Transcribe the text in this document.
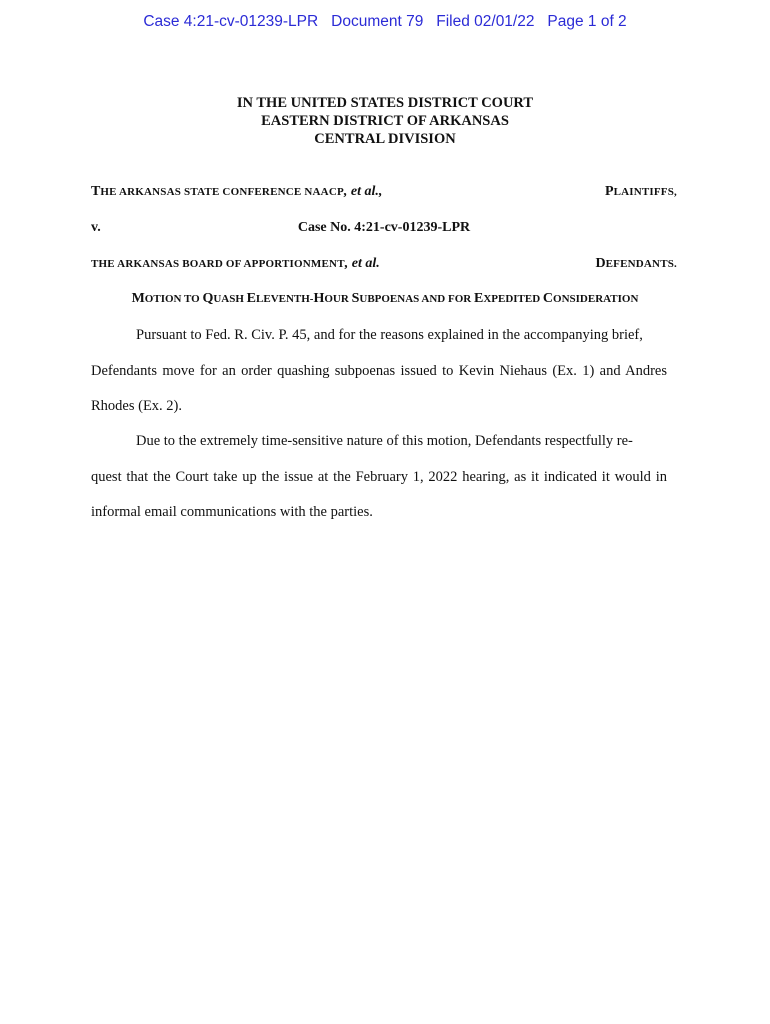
Case 4:21-cv-01239-LPR   Document 79   Filed 02/01/22   Page 1 of 2
IN THE UNITED STATES DISTRICT COURT
EASTERN DISTRICT OF ARKANSAS
CENTRAL DIVISION
THE ARKANSAS STATE CONFERENCE NAACP, et al.,	PLAINTIFFS,
v.	Case No. 4:21-cv-01239-LPR
THE ARKANSAS BOARD OF APPORTIONMENT, et al.	DEFENDANTS.
MOTION TO QUASH ELEVENTH-HOUR SUBPOENAS AND FOR EXPEDITED CONSIDERATION
Pursuant to Fed. R. Civ. P. 45, and for the reasons explained in the accompanying brief,
Defendants move for an order quashing subpoenas issued to Kevin Niehaus (Ex. 1) and Andres
Rhodes (Ex. 2).
Due to the extremely time-sensitive nature of this motion, Defendants respectfully re-
quest that the Court take up the issue at the February 1, 2022 hearing, as it indicated it would in
informal email communications with the parties.
